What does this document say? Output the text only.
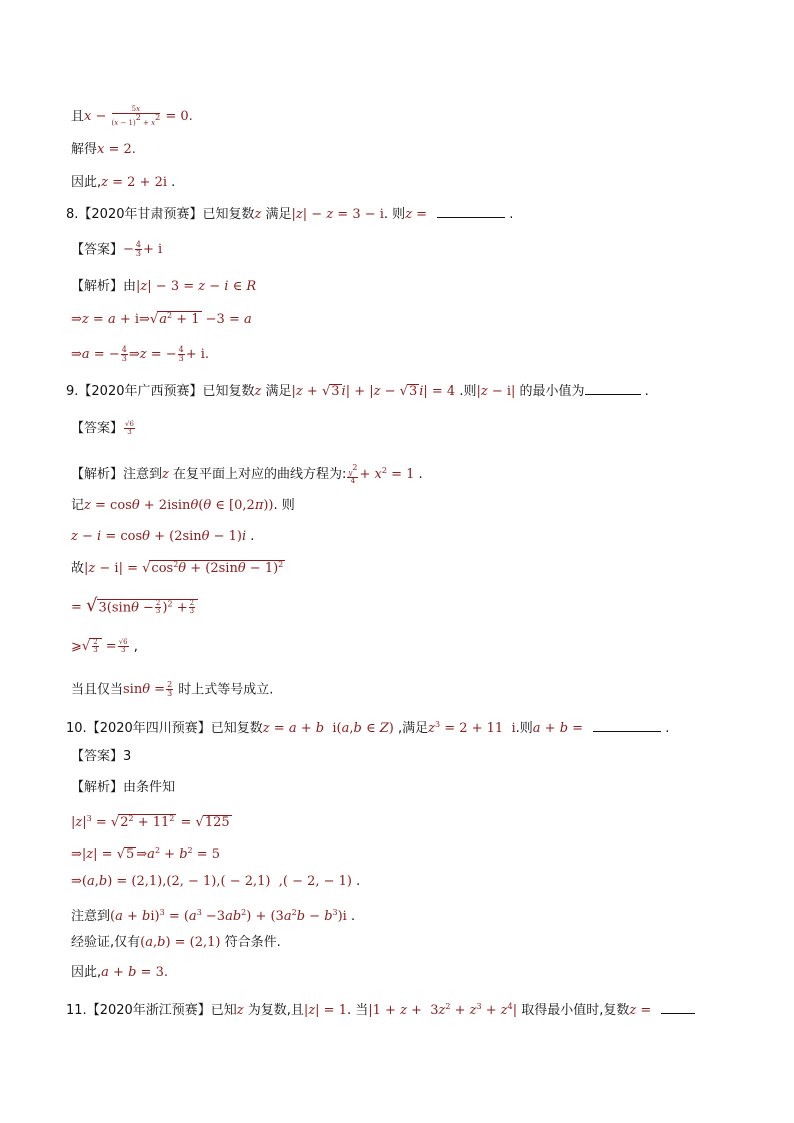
且$x - \frac{5x}{(x - 1)^2 + x^2} = 0$.
解得x = 2.
因此,z = 2 + 2i .
8.【2020年甘肃预赛】已知复数z 满足|z| − z = 3 − i. 则z =	.
【答案】− $\frac{4}{3} + i$
【解析】由|z| − 3 = z − i ∈ R
⇒z = $a + i\Rightarrow√a^2 + 1 -3 = a$
⇒a = − $\frac{4}{3}$ ⇒z = − $\frac{4}{3} + i$.
9.【2020年广西预赛】已知复数z 满足|z + √3 i| + |z − √3 i| = 4 .则|z − i| 的最小值为	.
【答案】 $\frac{√6}{3}$
【解析】注意到z 在复平面上对应的曲线方程为: $\frac{y^2}{4} + x^2 = 1$ .
记z = cosθ + 2isinθ(θ ∈ [0,2π)). 则
z − i = cosθ + (2sinθ − 1)i .
故$|z - i| = √\cos^2\theta + (2\sin\theta - 1)^2$
= $√3(\sin\theta - \frac{2}{3} )^2 + \frac{2}{3}$
⩾√ $\frac{2}{3} = \frac{√6}{3}$ ,
当且仅当$\sin\theta = \frac{2}{3}$ 时上式等号成立.
10.【2020年四川预赛】已知复数z = a + b  i(a,b ∈ Z) ,满足$z^3 = 2 + 11$  i.则a + b =	.
【答案】3
【解析】由条件知
$|z|^3 = √2^2 + 11^2 = √125$
⇒|z| = √5 $\Rightarrow a^2 + b^2 = 5$
⇒(a,b) = (2,1),(2, − 1),( − 2,1)  ,( − 2, − 1) .
注意到$(a + bi)^3 = (a^3 -3ab^2) + (3a^2b - b^3)i$ .
经验证,仅有(a,b) = (2,1) 符合条件.
因此,a + b = 3.
11.【2020年浙江预赛】已知z 为复数,且|z| = 1. 当$|1 + z + 3z^2 + z^3 + z^4|$ 取得最小值时,复数z =
